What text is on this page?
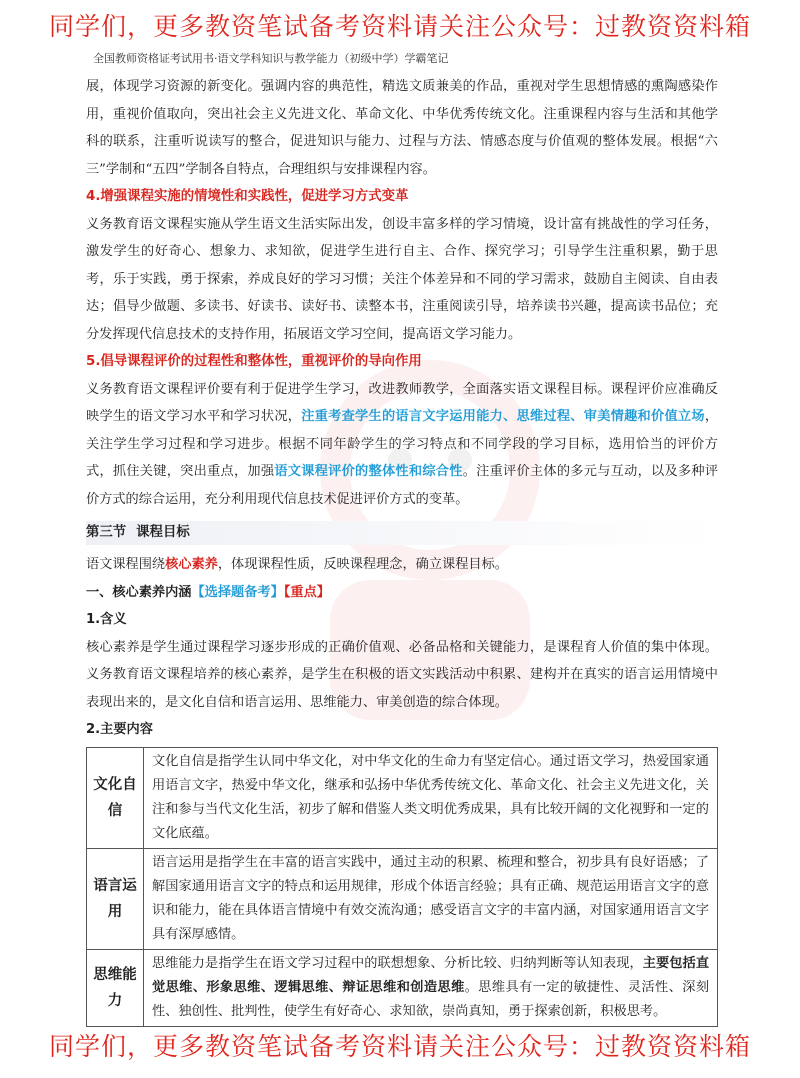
同学们，更多教资笔试备考资料请关注公众号：过教资资料箱
全国教师资格证考试用书·语文学科知识与教学能力（初级中学）学霸笔记

展，体现学习资源的新变化。强调内容的典范性，精选文质兼美的作品，重视对学生思想情感的熏陶感染作用，重视价值取向，突出社会主义先进文化、革命文化、中华优秀传统文化。注重课程内容与生活和其他学科的联系，注重听说读写的整合，促进知识与能力、过程与方法、情感态度与价值观的整体发展。根据“六三”学制和“五四”学制各自特点，合理组织与安排课程内容。

4.增强课程实施的情境性和实践性，促进学习方式变革

义务教育语文课程实施从学生语文生活实际出发，创设丰富多样的学习情境，设计富有挑战性的学习任务，激发学生的好奇心、想象力、求知欲，促进学生进行自主、合作、探究学习；引导学生注重积累，勤于思考，乐于实践，勇于探索，养成良好的学习习惯；关注个体差异和不同的学习需求，鼓励自主阅读、自由表达；倡导少做题、多读书、好读书、读好书、读整本书，注重阅读引导，培养读书兴趣，提高读书品位；充分发挥现代信息技术的支持作用，拓展语文学习空间，提高语文学习能力。

5.倡导课程评价的过程性和整体性，重视评价的导向作用

义务教育语文课程评价要有利于促进学生学习，改进教师教学，全面落实语文课程目标。课程评价应准确反映学生的语文学习水平和学习状况，注重考查学生的语言文字运用能力、思维过程、审美情趣和价值立场，关注学生学习过程和学习进步。根据不同年龄学生的学习特点和不同学段的学习目标，选用恰当的评价方式，抓住关键，突出重点，加强语文课程评价的整体性和综合性。注重评价主体的多元与互动，以及多种评价方式的综合运用，充分利用现代信息技术促进评价方式的变革。

第三节 课程目标

语文课程围绕核心素养，体现课程性质，反映课程理念，确立课程目标。

一、核心素养内涵【选择题备考】【重点】

1.含义

核心素养是学生通过课程学习逐步形成的正确价值观、必备品格和关键能力，是课程育人价值的集中体现。义务教育语文课程培养的核心素养，是学生在积极的语文实践活动中积累、建构并在真实的语言运用情境中表现出来的，是文化自信和语言运用、思维能力、审美创造的综合体现。

2.主要内容

文化自信	文化自信是指学生认同中华文化，对中华文化的生命力有坚定信心。通过语文学习，热爱国家通用语言文字，热爱中华文化，继承和弘扬中华优秀传统文化、革命文化、社会主义先进文化，关注和参与当代文化生活，初步了解和借鉴人类文明优秀成果，具有比较开阔的文化视野和一定的文化底蕴。
语言运用	语言运用是指学生在丰富的语言实践中，通过主动的积累、梳理和整合，初步具有良好语感；了解国家通用语言文字的特点和运用规律，形成个体语言经验；具有正确、规范运用语言文字的意识和能力，能在具体语言情境中有效交流沟通；感受语言文字的丰富内涵，对国家通用语言文字具有深厚感情。
思维能力	思维能力是指学生在语文学习过程中的联想想象、分析比较、归纳判断等认知表现，主要包括直觉思维、形象思维、逻辑思维、辩证思维和创造思维。思维具有一定的敏捷性、灵活性、深刻性、独创性、批判性，使学生有好奇心、求知欲，崇尚真知，勇于探索创新，积极思考。
同学们，更多教资笔试备考资料请关注公众号：过教资资料箱
